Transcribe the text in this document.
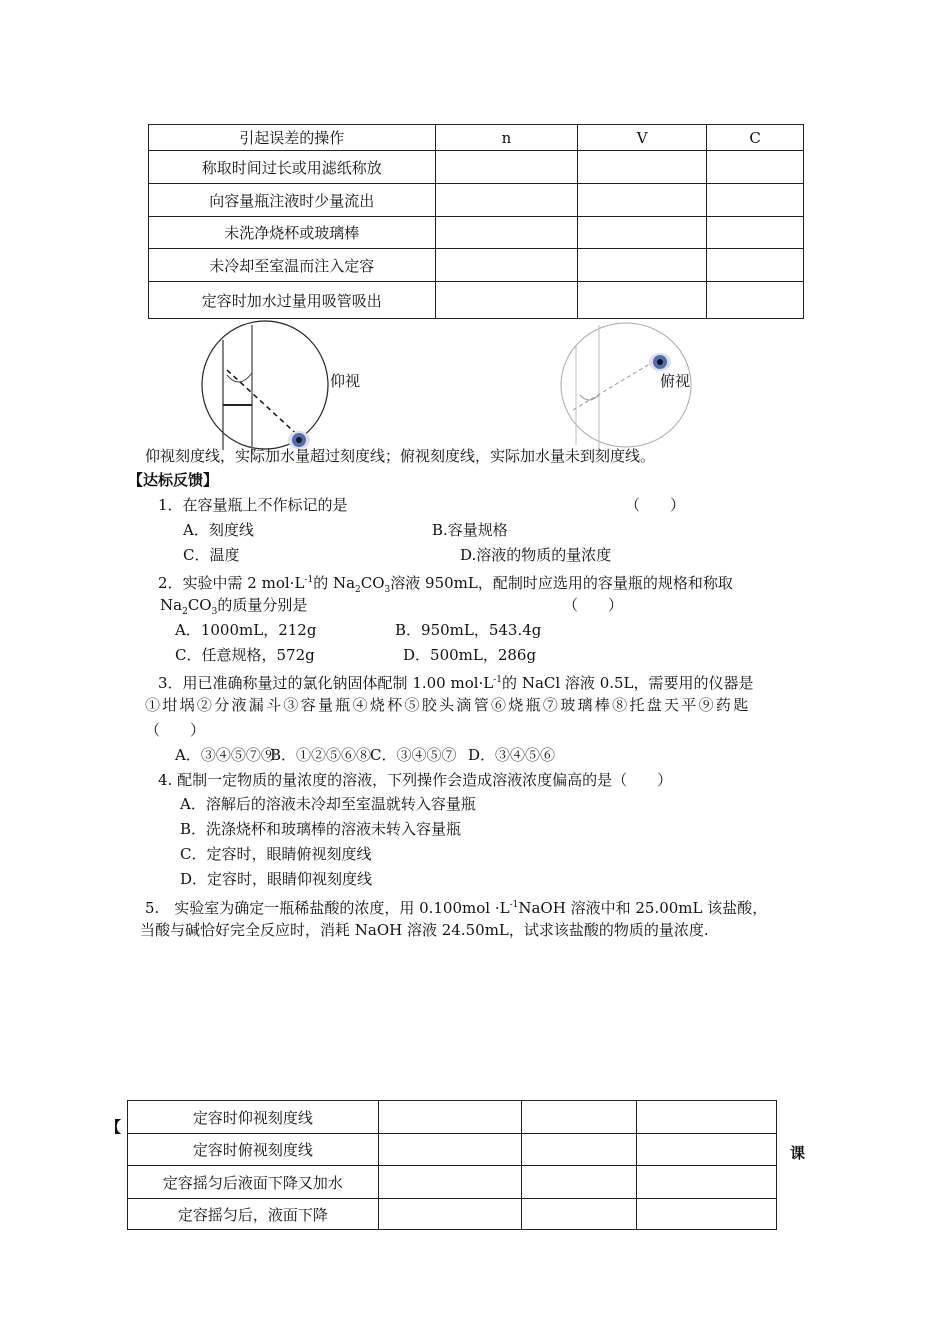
引起误差的操作	n	V	C
称取时间过长或用滤纸称放			
向容量瓶注液时少量流出			
未洗净烧杯或玻璃棒			
未冷却至室温而注入定容			
定容时加水过量用吸管吸出			
仰视	俯视
仰视刻度线，实际加水量超过刻度线；俯视刻度线，实际加水量未到刻度线。
【达标反馈】
1．在容量瓶上不作标记的是	（　　）
A．刻度线	B.容量规格
C．温度	D.溶液的物质的量浓度
2．实验中需 2 $mol\cdot L^{-1}$的 $Na_2CO_3$溶液 950mL，配制时应选用的容量瓶的规格和称取
$Na_2CO_3$的质量分别是	（　　）
A．1000mL，212g	B．950mL，543.4g
C．任意规格，572g	D．500mL，286g
3．用已准确称量过的氯化钠固体配制 1.00 $mol\cdot L^{-1}$的 NaCl 溶液 0.5L，需要用的仪器是
①坩埚②分液漏斗③容量瓶④烧杯⑤胶头滴管⑥烧瓶⑦玻璃棒⑧托盘天平⑨药匙
（　　）
A．③④⑤⑦⑨
B．①②⑤⑥⑧
C．③④⑤⑦ D．③④⑤⑥
4. 配制一定物质的量浓度的溶液，下列操作会造成溶液浓度偏高的是（　　）
A．溶解后的溶液未冷却至室温就转入容量瓶
B．洗涤烧杯和玻璃棒的溶液未转入容量瓶
C．定容时，眼睛俯视刻度线
D．定容时，眼睛仰视刻度线
5.　实验室为确定一瓶稀盐酸的浓度，用 $0.100mol \cdot L^{-1}NaOH$ 溶液中和 25.00mL 该盐酸，
当酸与碱恰好完全反应时，消耗 NaOH 溶液 24.50mL，试求该盐酸的物质的量浓度.
【
定容时仰视刻度线			
定容时俯视刻度线			
定容摇匀后液面下降又加水			
定容摇匀后，液面下降			
课
